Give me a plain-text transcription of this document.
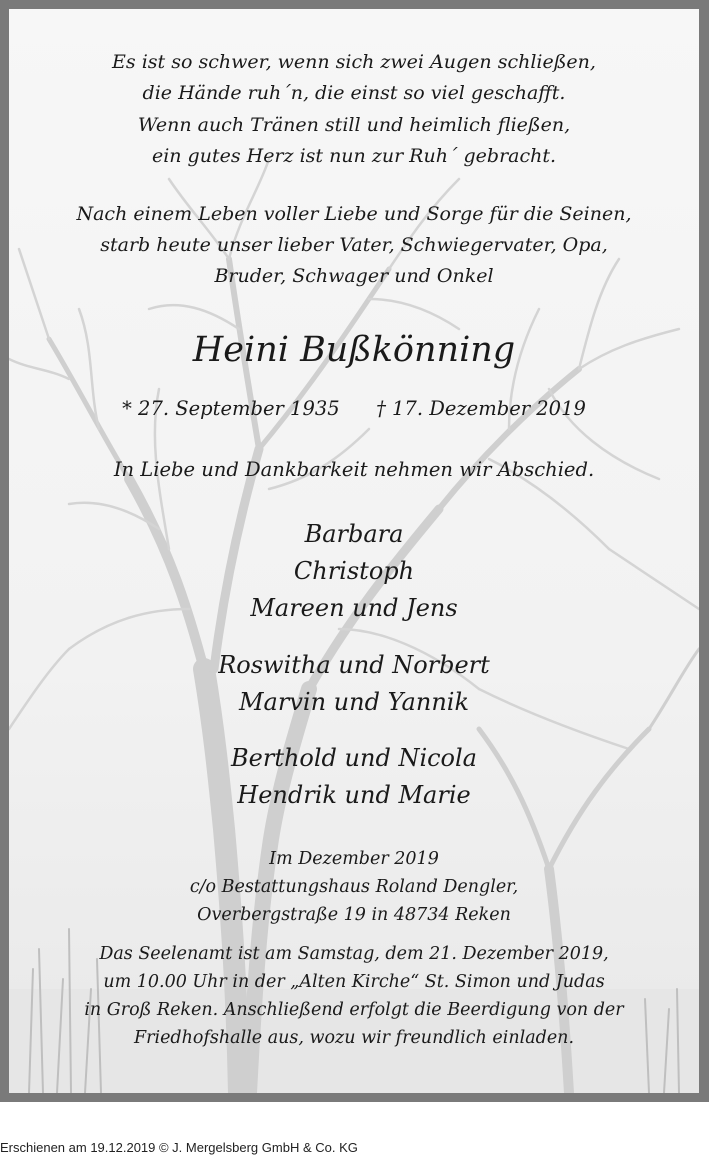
Es ist so schwer, wenn sich zwei Augen schließen,
die Hände ruh´n, die einst so viel geschafft.
Wenn auch Tränen still und heimlich fließen,
ein gutes Herz ist nun zur Ruh´ gebracht.
Nach einem Leben voller Liebe und Sorge für die Seinen,
starb heute unser lieber Vater, Schwiegervater, Opa,
Bruder, Schwager und Onkel
Heini Bußkönning
* 27. September 1935 † 17. Dezember 2019
In Liebe und Dankbarkeit nehmen wir Abschied.
Barbara
Christoph
Mareen und Jens
Roswitha und Norbert
Marvin und Yannik
Berthold und Nicola
Hendrik und Marie
Im Dezember 2019
c/o Bestattungshaus Roland Dengler,
Overbergstraße 19 in 48734 Reken
Das Seelenamt ist am Samstag, dem 21. Dezember 2019,
um 10.00 Uhr in der „Alten Kirche“ St. Simon und Judas
in Groß Reken. Anschließend erfolgt die Beerdigung von der
Friedhofshalle aus, wozu wir freundlich einladen.
Erschienen am 19.12.2019 © J. Mergelsberg GmbH & Co. KG
